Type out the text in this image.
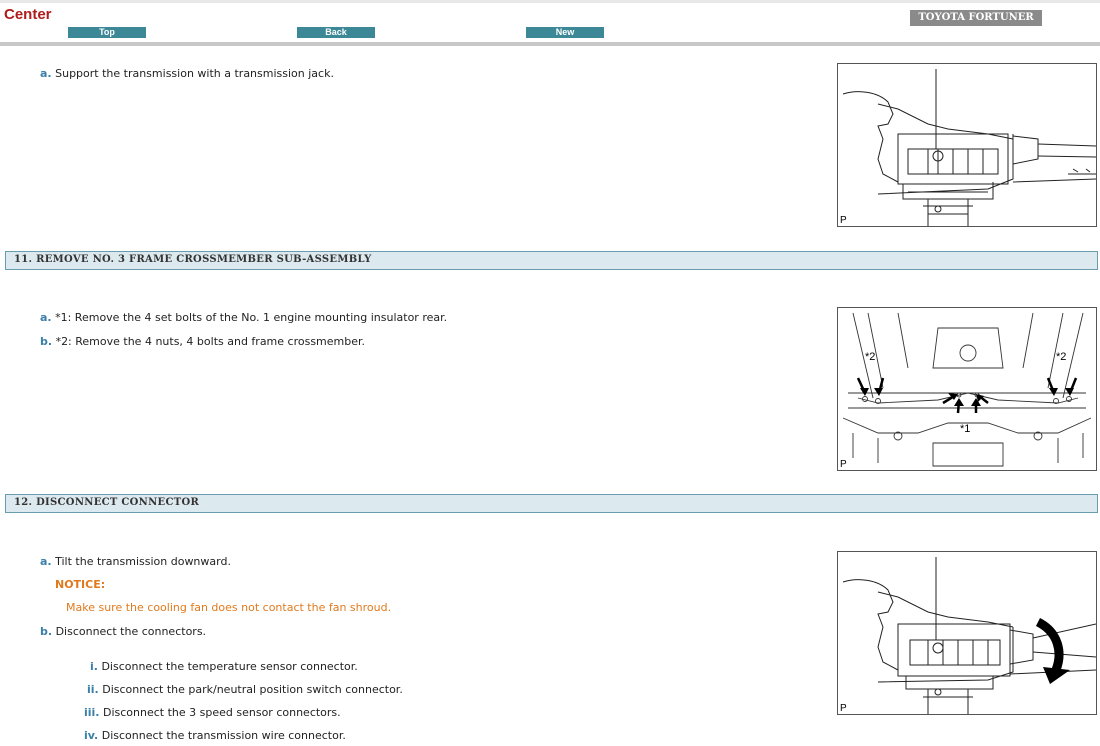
Center
Top	Back	New
TOYOTA FORTUNER
a. Support the transmission with a transmission jack.
P
11. REMOVE NO. 3 FRAME CROSSMEMBER SUB-ASSEMBLY
a. *1: Remove the 4 set bolts of the No. 1 engine mounting insulator rear.
b. *2: Remove the 4 nuts, 4 bolts and frame crossmember.
*2	*2
*1
P
12. DISCONNECT CONNECTOR
a. Tilt the transmission downward.
NOTICE:
Make sure the cooling fan does not contact the fan shroud.
b. Disconnect the connectors.
i. Disconnect the temperature sensor connector.
ii. Disconnect the park/neutral position switch connector.
iii. Disconnect the 3 speed sensor connectors.
iv. Disconnect the transmission wire connector.
P
